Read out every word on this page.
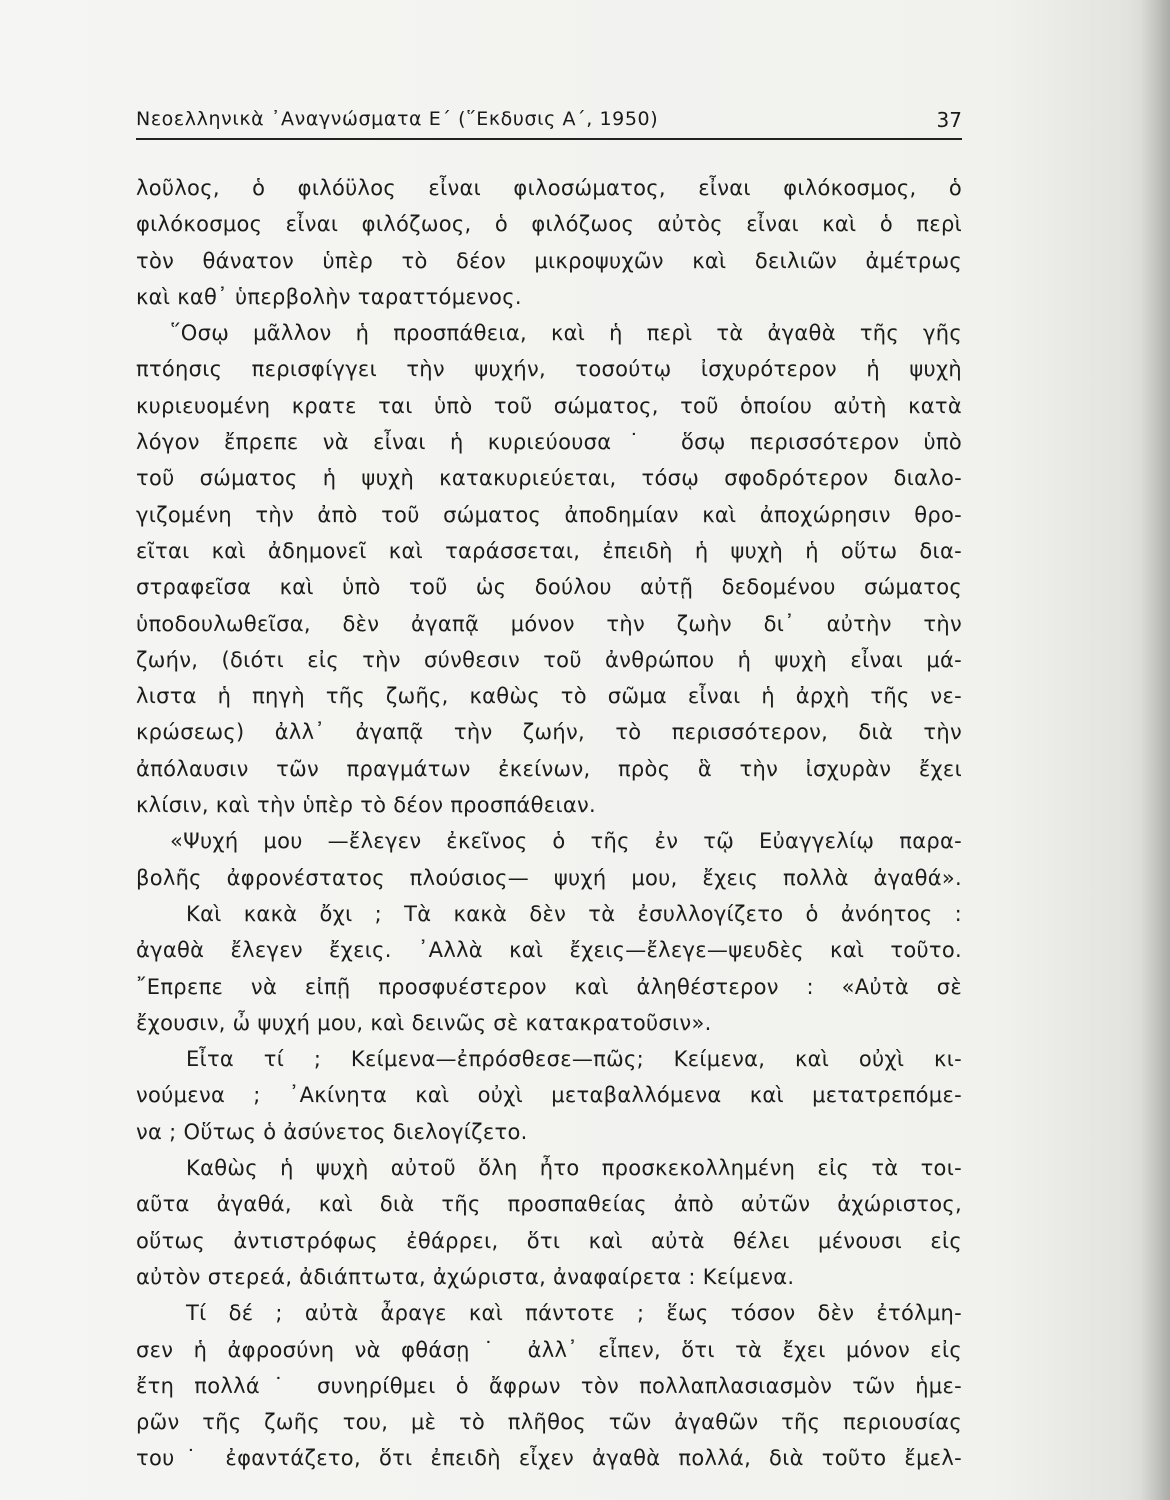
Νεοελληνικὰ ᾿Αναγνώσματα Ε΄ (῞Εκδυσις Α΄, 1950)	37
λοῦλος, ὁ φιλόϋλος εἶναι φιλοσώματος, εἶναι φιλόκοσμος, ὁ
φιλόκοσμος εἶναι φιλόζωος, ὁ φιλόζωος αὐτὸς εἶναι καὶ ὁ περὶ
τὸν θάνατον ὑπὲρ τὸ δέον μικροψυχῶν καὶ δειλιῶν ἀμέτρως
καὶ καθ᾽ ὑπερβολὴν ταραττόμενος.
῞Οσῳ μᾶλλον ἡ προσπάθεια, καὶ ἡ περὶ τὰ ἀγαθὰ τῆς γῆς
πτόησις περισφίγγει τὴν ψυχήν, τοσούτῳ ἰσχυρότερον ἡ ψυχὴ
κυριευομένη κρατε ται ὑπὸ τοῦ σώματος, τοῦ ὁποίου αὐτὴ κατὰ
λόγον ἔπρεπε νὰ εἶναι ἡ κυριεύουσα˙ ὅσῳ περισσότερον ὑπὸ
τοῦ σώματος ἡ ψυχὴ κατακυριεύεται, τόσῳ σφοδρότερον διαλο-
γιζομένη τὴν ἀπὸ τοῦ σώματος ἀποδημίαν καὶ ἀποχώρησιν θρο-
εῖται καὶ ἀδημονεῖ καὶ ταράσσεται, ἐπειδὴ ἡ ψυχὴ ἡ οὕτω δια-
στραφεῖσα καὶ ὑπὸ τοῦ ὡς δούλου αὐτῇ δεδομένου σώματος
ὑποδουλωθεῖσα, δὲν ἀγαπᾷ μόνον τὴν ζωὴν δι᾽ αὐτὴν τὴν
ζωήν, (διότι εἰς τὴν σύνθεσιν τοῦ ἀνθρώπου ἡ ψυχὴ εἶναι μά-
λιστα ἡ πηγὴ τῆς ζωῆς, καθὼς τὸ σῶμα εἶναι ἡ ἀρχὴ τῆς νε-
κρώσεως) ἀλλ᾽ ἀγαπᾷ τὴν ζωήν, τὸ περισσότερον, διὰ τὴν
ἀπόλαυσιν τῶν πραγμάτων ἐκείνων, πρὸς ἃ τὴν ἰσχυρὰν ἔχει
κλίσιν, καὶ τὴν ὑπὲρ τὸ δέον προσπάθειαν.
«Ψυχή μου —ἔλεγεν ἐκεῖνος ὁ τῆς ἐν τῷ Εὐαγγελίῳ παρα-
βολῆς ἀφρονέστατος πλούσιος— ψυχή μου, ἔχεις πολλὰ ἀγαθά».
Καὶ κακὰ ὄχι ; Τὰ κακὰ δὲν τὰ ἐσυλλογίζετο ὁ ἀνόητος :
ἀγαθὰ ἔλεγεν ἔχεις. ᾿Αλλὰ καὶ ἔχεις—ἔλεγε—ψευδὲς καὶ τοῦτο.
῎Επρεπε νὰ εἰπῇ προσφυέστερον καὶ ἀληθέστερον : «Αὐτὰ σὲ
ἔχουσιν, ὦ ψυχή μου, καὶ δεινῶς σὲ κατακρατοῦσιν».
Εἶτα τί ; Κείμενα—ἐπρόσθεσε—πῶς; Κείμενα, καὶ οὐχὶ κι-
νούμενα ; ᾿Ακίνητα καὶ οὐχὶ μεταβαλλόμενα καὶ μετατρεπόμε-
να ; Οὕτως ὁ ἀσύνετος διελογίζετο.
Καθὼς ἡ ψυχὴ αὐτοῦ ὅλη ἦτο προσκεκολλημένη εἰς τὰ τοι-
αῦτα ἀγαθά, καὶ διὰ τῆς προσπαθείας ἀπὸ αὐτῶν ἀχώριστος,
οὕτως ἀντιστρόφως ἐθάρρει, ὅτι καὶ αὐτὰ θέλει μένουσι εἰς
αὐτὸν στερεά, ἀδιάπτωτα, ἀχώριστα, ἀναφαίρετα : Κείμενα.
Τί δέ ; αὐτὰ ἆραγε καὶ πάντοτε ; ἕως τόσον δὲν ἐτόλμη-
σεν ἡ ἀφροσύνη νὰ φθάσῃ˙ ἀλλ᾽ εἶπεν, ὅτι τὰ ἔχει μόνον εἰς
ἔτη πολλά˙ συνηρίθμει ὁ ἄφρων τὸν πολλαπλασιασμὸν τῶν ἡμε-
ρῶν τῆς ζωῆς του, μὲ τὸ πλῆθος τῶν ἀγαθῶν τῆς περιουσίας
του˙ ἐφαντάζετο, ὅτι ἐπειδὴ εἶχεν ἀγαθὰ πολλά, διὰ τοῦτο ἔμελ-
